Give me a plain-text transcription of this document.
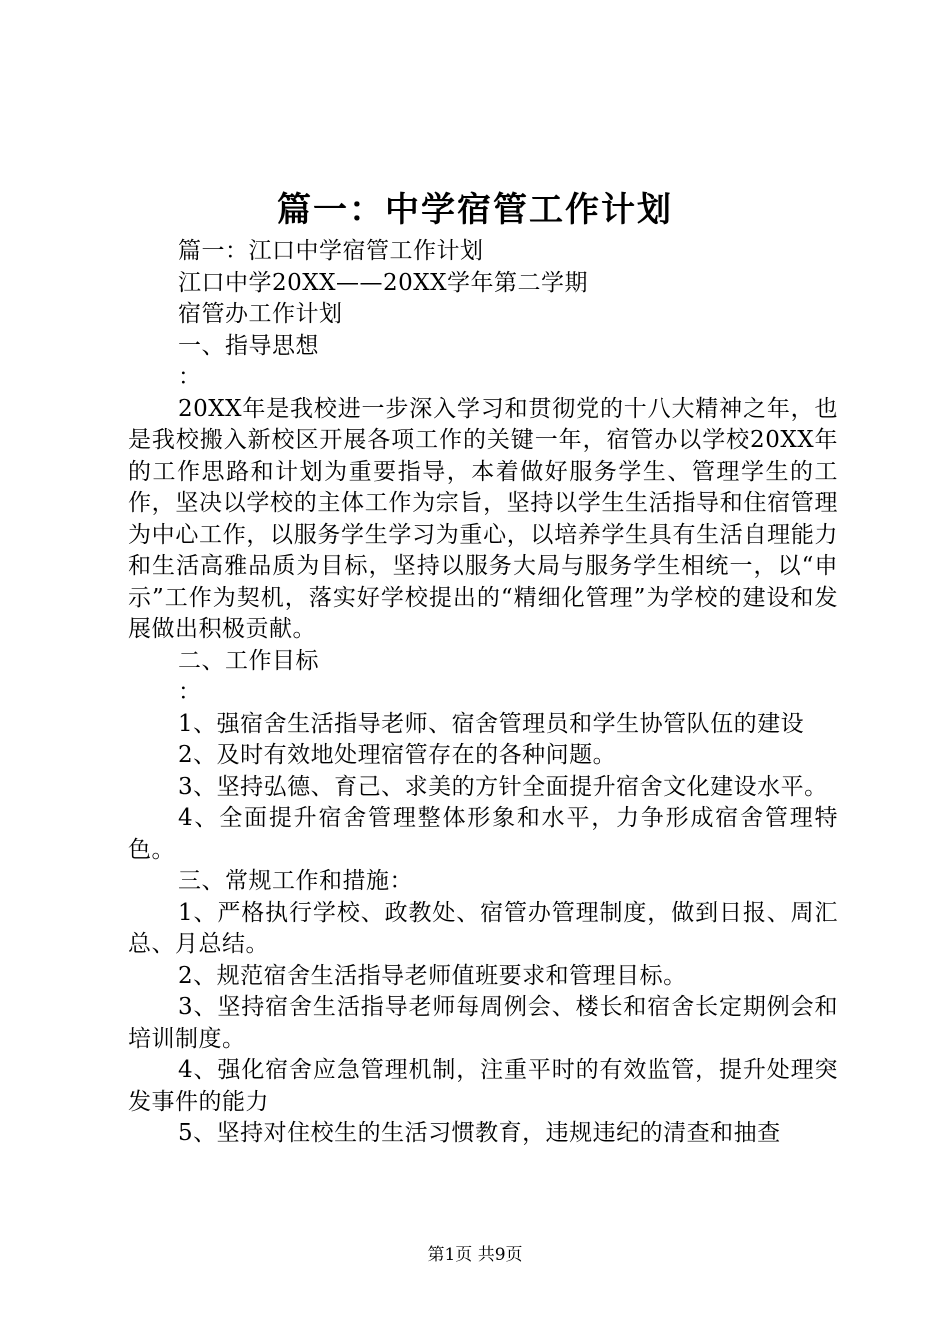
篇一：中学宿管工作计划

篇一：江口中学宿管工作计划

江口中学20XX——20XX学年第二学期

宿管办工作计划

一、指导思想

：

20XX年是我校进一步深入学习和贯彻党的十八大精神之年，也是我校搬入新校区开展各项工作的关键一年，宿管办以学校20XX年的工作思路和计划为重要指导，本着做好服务学生、管理学生的工作，坚决以学校的主体工作为宗旨，坚持以学生生活指导和住宿管理为中心工作，以服务学生学习为重心，以培养学生具有生活自理能力和生活高雅品质为目标，坚持以服务大局与服务学生相统一，以“申示”工作为契机，落实好学校提出的“精细化管理”为学校的建设和发展做出积极贡献。

二、工作目标

：

1、强宿舍生活指导老师、宿舍管理员和学生协管队伍的建设

2、及时有效地处理宿管存在的各种问题。

3、坚持弘德、育己、求美的方针全面提升宿舍文化建设水平。

4、全面提升宿舍管理整体形象和水平，力争形成宿舍管理特色。

三、常规工作和措施：

1、严格执行学校、政教处、宿管办管理制度，做到日报、周汇总、月总结。

2、规范宿舍生活指导老师值班要求和管理目标。

3、坚持宿舍生活指导老师每周例会、楼长和宿舍长定期例会和培训制度。

4、强化宿舍应急管理机制，注重平时的有效监管，提升处理突发事件的能力

5、坚持对住校生的生活习惯教育，违规违纪的清查和抽查

第1页 共9页
